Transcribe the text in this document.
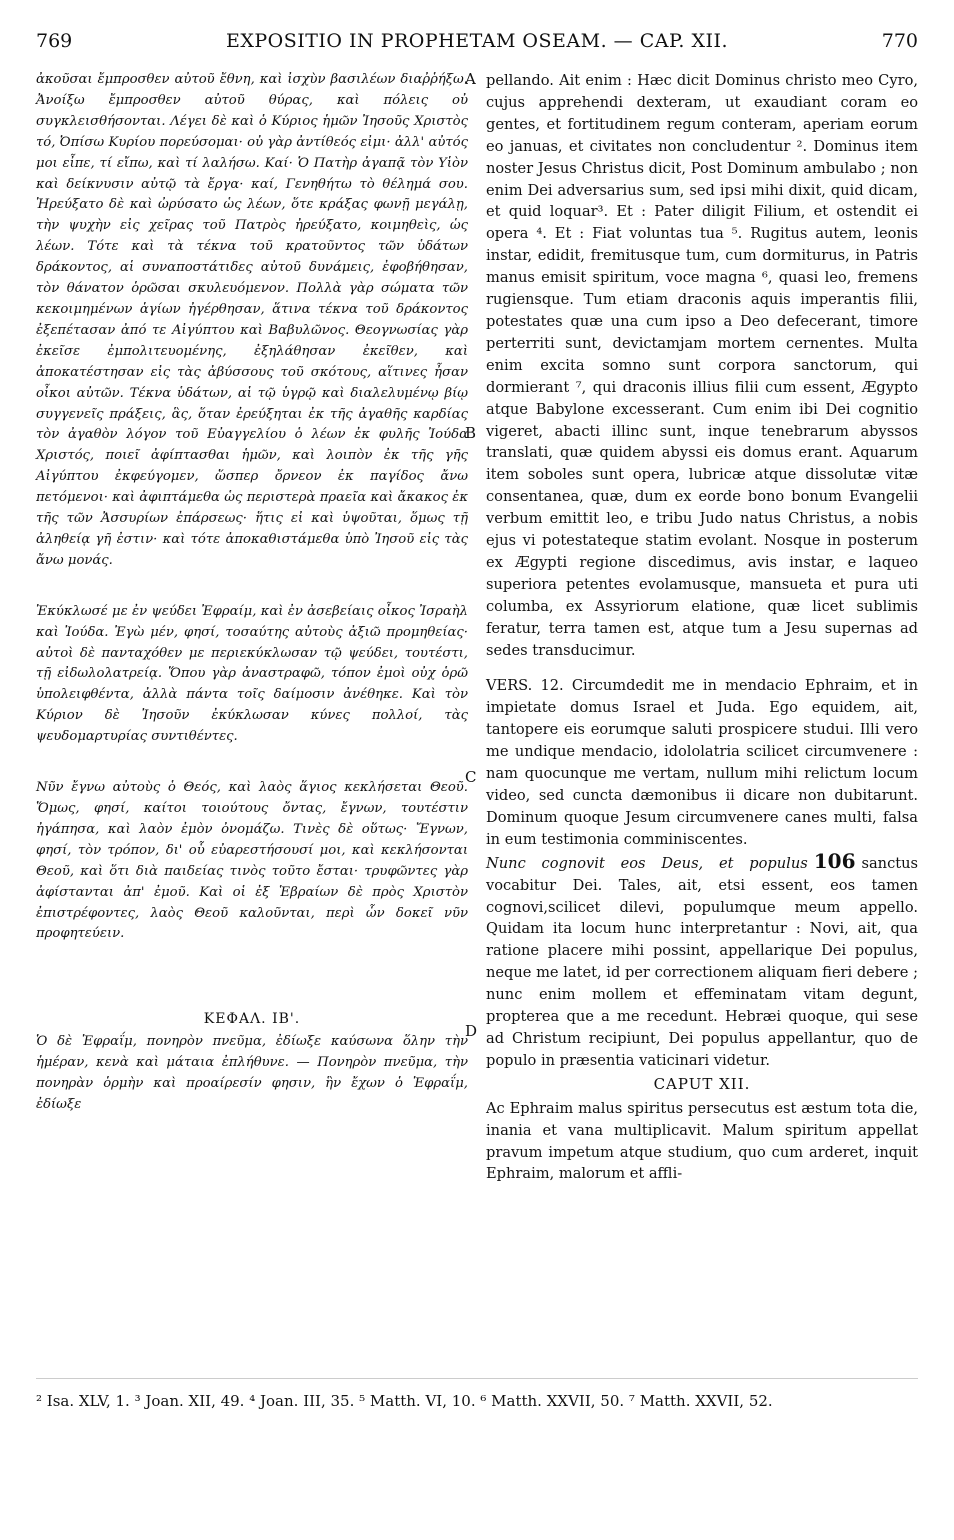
769	EXPOSITIO IN PROPHETAM OSEAM. — CAP. XII.	770
A
B
C
D

ἀκοῦσαι ἔμπροσθεν αὐτοῦ ἔθνη, καὶ ἰσχὺν βασιλέων διαῤῥήξω. Ἀνοίξω ἔμπροσθεν αὐτοῦ θύρας, καὶ πόλεις οὐ συγκλεισθήσονται. Λέγει δὲ καὶ ὁ Κύριος ἡμῶν Ἰησοῦς Χριστὸς τό, Ὀπίσω Κυρίου πορεύσομαι· οὐ γὰρ ἀντίθεός εἰμι· ἀλλ' αὐτός μοι εἶπε, τί εἴπω, καὶ τί λαλήσω. Καί· Ὁ Πατὴρ ἀγαπᾷ τὸν Υἱὸν καὶ δείκνυσιν αὐτῷ τὰ ἔργα· καί, Γενηθήτω τὸ θέλημά σου. Ἠρεύξατο δὲ καὶ ὠρύσατο ὡς λέων, ὅτε κράξας φωνῇ μεγάλῃ, τὴν ψυχὴν εἰς χεῖρας τοῦ Πατρὸς ἠρεύξατο, κοιμηθεὶς, ὡς λέων. Τότε καὶ τὰ τέκνα τοῦ κρατοῦντος τῶν ὑδάτων δράκοντος, αἱ συναποστάτιδες αὐτοῦ δυνάμεις, ἐφοβήθησαν, τὸν θάνατον ὁρῶσαι σκυλευόμενον. Πολλὰ γὰρ σώματα τῶν κεκοιμημένων ἁγίων ἠγέρθησαν, ἅτινα τέκνα τοῦ δράκοντος ἐξεπέτασαν ἀπό τε Αἰγύπτου καὶ Βαβυλῶνος. Θεογνωσίας γὰρ ἐκεῖσε ἐμπολιτευομένης, ἐξηλάθησαν ἐκεῖθεν, καὶ ἀποκατέστησαν εἰς τὰς ἀβύσσους τοῦ σκότους, αἵτινες ἦσαν οἶκοι αὐτῶν. Τέκνα ὑδάτων, αἱ τῷ ὑγρῷ καὶ διαλελυμένῳ βίῳ συγγενεῖς πράξεις, ἃς, ὅταν ἐρεύξηται ἐκ τῆς ἀγαθῆς καρδίας τὸν ἀγαθὸν λόγον τοῦ Εὐαγγελίου ὁ λέων ἐκ φυλῆς Ἰούδα Χριστός, ποιεῖ ἀφίπτασθαι ἡμῶν, καὶ λοιπὸν ἐκ τῆς γῆς Αἰγύπτου ἐκφεύγομεν, ὥσπερ ὄρνεον ἐκ παγίδος ἄνω πετόμενοι· καὶ ἀφιπτάμεθα ὡς περιστερὰ πραεῖα καὶ ἄκακος ἐκ τῆς τῶν Ἀσσυρίων ἐπάρσεως· ἥτις εἰ καὶ ὑψοῦται, ὅμως τῇ ἀληθείᾳ γῆ ἐστιν· καὶ τότε ἀποκαθιστάμεθα ὑπὸ Ἰησοῦ εἰς τὰς ἄνω μονάς.

Ἐκύκλωσέ με ἐν ψεύδει Ἐφραίμ, καὶ ἐν ἀσεβείαις οἶκος Ἰσραὴλ καὶ Ἰούδα. Ἐγὼ μέν, φησί, τοσαύτης αὐτοὺς ἀξιῶ προμηθείας· αὐτοὶ δὲ πανταχόθεν με περιεκύκλωσαν τῷ ψεύδει, τουτέστι, τῇ εἰδωλολατρείᾳ. Ὅπου γὰρ ἀναστραφῶ, τόπον ἐμοὶ οὐχ ὁρῶ ὑπολειφθέντα, ἀλλὰ πάντα τοῖς δαίμοσιν ἀνέθηκε. Καὶ τὸν Κύριον δὲ Ἰησοῦν ἐκύκλωσαν κύνες πολλοί, τὰς ψευδομαρτυρίας συντιθέντες.

Νῦν ἔγνω αὐτοὺς ὁ Θεός, καὶ λαὸς ἅγιος κεκλήσεται Θεοῦ. Ὅμως, φησί, καίτοι τοιούτους ὄντας, ἔγνων, τουτέστιν ἠγάπησα, καὶ λαὸν ἐμὸν ὀνομάζω. Τινὲς δὲ οὕτως· Ἔγνων, φησί, τὸν τρόπον, δι' οὗ εὐαρεστήσουσί μοι, καὶ κεκλήσονται Θεοῦ, καὶ ὅτι διὰ παιδείας τινὸς τοῦτο ἔσται· τρυφῶντες γὰρ ἀφίστανται ἀπ' ἐμοῦ. Καὶ οἱ ἐξ Ἑβραίων δὲ πρὸς Χριστὸν ἐπιστρέφοντες, λαὸς Θεοῦ καλοῦνται, περὶ ὧν δοκεῖ νῦν προφητεύειν.

ΚΕΦΑΛ. ΙΒ'.

Ὁ δὲ Ἐφραΐμ, πονηρὸν πνεῦμα, ἐδίωξε καύσωνα ὅλην τὴν ἡμέραν, κενὰ καὶ μάταια ἐπλήθυνε. — Πονηρὸν πνεῦμα, τὴν πονηρὰν ὁρμὴν καὶ προαίρεσίν φησιν, ἣν ἔχων ὁ Ἐφραΐμ, ἐδίωξε

pellando. Ait enim : Hæc dicit Dominus christo meo Cyro, cujus apprehendi dexteram, ut exaudiant coram eo gentes, et fortitudinem regum conteram, aperiam eorum eo januas, et civitates non concludentur ². Dominus item noster Jesus Christus dicit, Post Dominum ambulabo ; non enim Dei adversarius sum, sed ipsi mihi dixit, quid dicam, et quid loquar³. Et : Pater diligit Filium, et ostendit ei opera ⁴. Et : Fiat voluntas tua ⁵. Rugitus autem, leonis instar, edidit, fremitusque tum, cum dormiturus, in Patris manus emisit spiritum, voce magna ⁶, quasi leo, fremens rugiensque. Tum etiam draconis aquis imperantis filii, potestates quæ una cum ipso a Deo defecerant, timore perterriti sunt, devictamjam mortem cernentes. Multa enim excita somno sunt corpora sanctorum, qui dormierant ⁷, qui draconis illius filii cum essent, Ægypto atque Babylone excesserant. Cum enim ibi Dei cognitio vigeret, abacti illinc sunt, inque tenebrarum abyssos translati, quæ quidem abyssi eis domus erant. Aquarum item soboles sunt opera, lubricæ atque dissolutæ vitæ consentanea, quæ, dum ex eorde bono bonum Evangelii verbum emittit leo, e tribu Judo natus Christus, a nobis ejus vi potestateque statim evolant. Nosque in posterum ex Ægypti regione discedimus, avis instar, e laqueo superiora petentes evolamusque, mansueta et pura uti columba, ex Assyriorum elatione, quæ licet sublimis feratur, terra tamen est, atque tum a Jesu supernas ad sedes transducimur.

VERS. 12. Circumdedit me in mendacio Ephraim, et in impietate domus Israel et Juda. Ego equidem, ait, tantopere eis eorumque saluti prospicere studui. Illi vero me undique mendacio, idololatria scilicet circumvenere : nam quocunque me vertam, nullum mihi relictum locum video, sed cuncta dæmonibus ii dicare non dubitarunt. Dominum quoque Jesum circumvenere canes multi, falsa in eum testimonia comminiscentes.

Nunc cognovit eos Deus, et populus 106 sanctus vocabitur Dei. Tales, ait, etsi essent, eos tamen cognovi,scilicet dilevi, populumque meum appello. Quidam ita locum hunc interpretantur : Novi, ait, qua ratione placere mihi possint, appellarique Dei populus, neque me latet, id per correctionem aliquam fieri debere ; nunc enim mollem et effeminatam vitam degunt, propterea que a me recedunt. Hebræi quoque, qui sese ad Christum recipiunt, Dei populus appellantur, quo de populo in præsentia vaticinari videtur.

CAPUT XII.

Ac Ephraim malus spiritus persecutus est æstum tota die, inania et vana multiplicavit. Malum spiritum appellat pravum impetum atque studium, quo cum arderet, inquit Ephraim, malorum et affli-

² Isa. XLV, 1. ³ Joan. XII, 49. ⁴ Joan. III, 35. ⁵ Matth. VI, 10. ⁶ Matth. XXVII, 50. ⁷ Matth. XXVII, 52.
